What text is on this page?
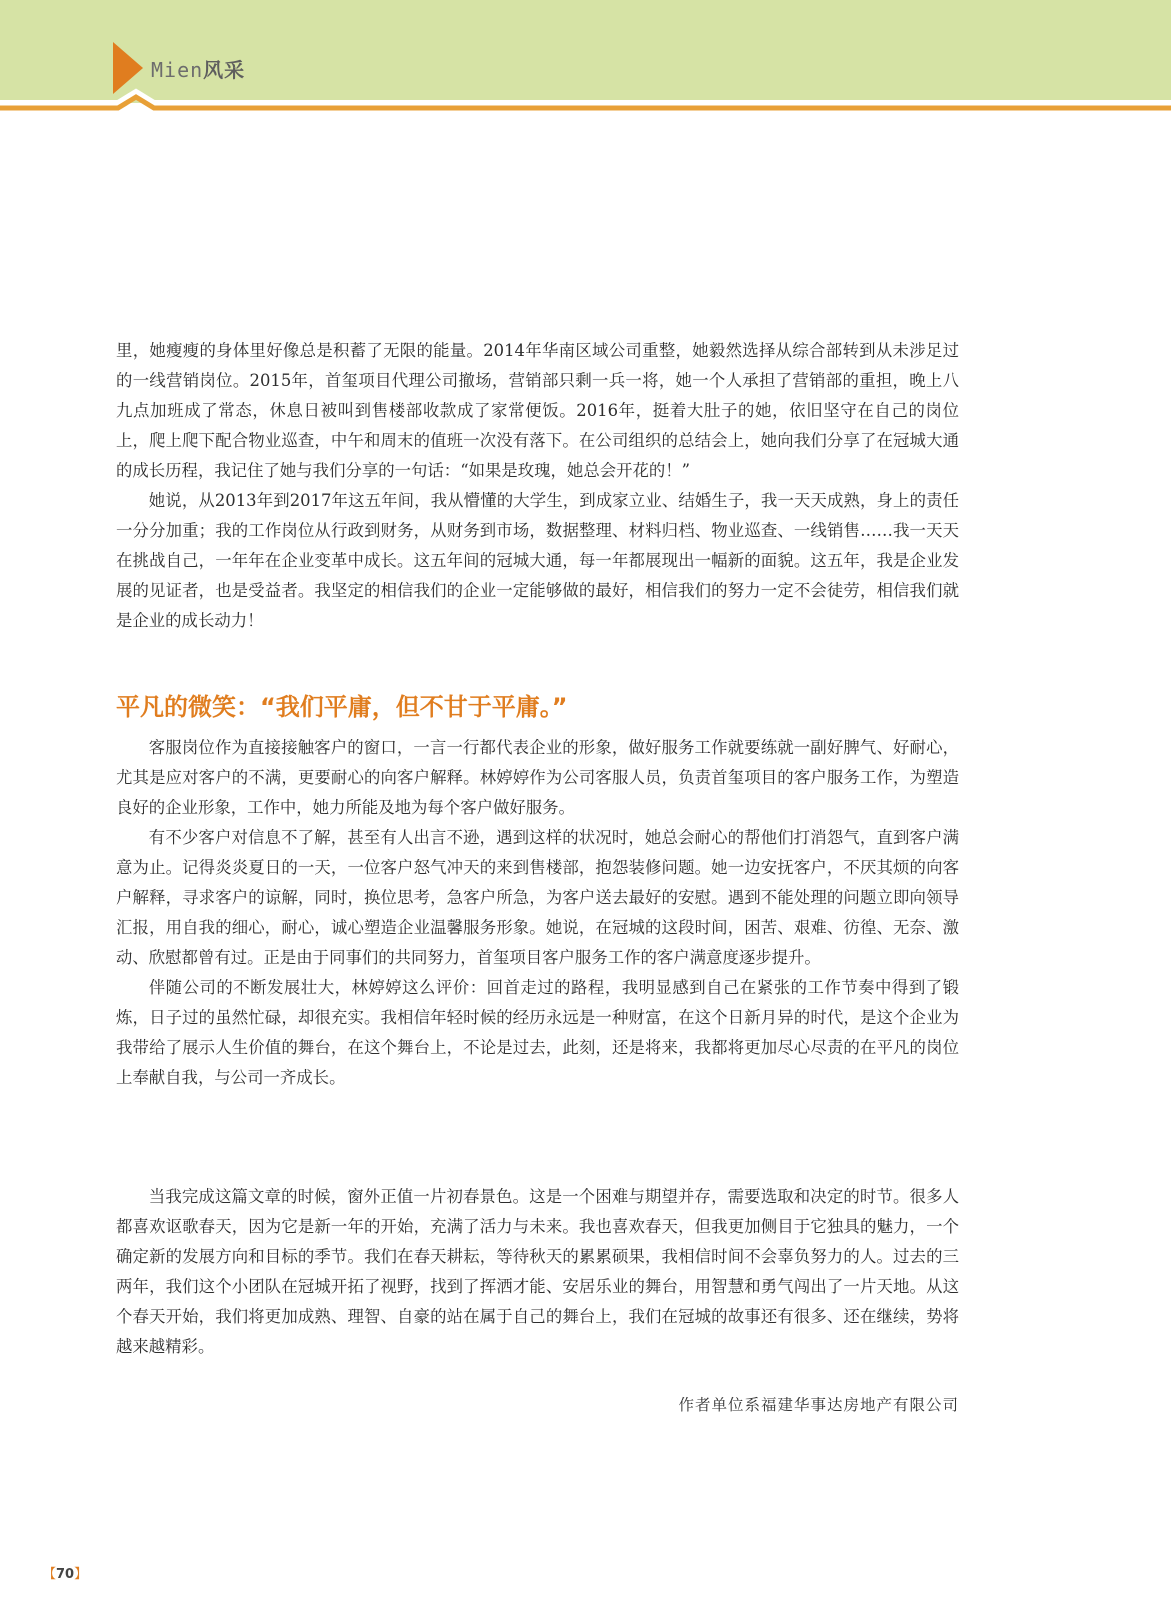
Mien风采

里，她瘦瘦的身体里好像总是积蓄了无限的能量。2014年华南区域公司重整，她毅然选择从综合部转到从未涉足过的一线营销岗位。2015年，首玺项目代理公司撤场，营销部只剩一兵一将，她一个人承担了营销部的重担，晚上八九点加班成了常态，休息日被叫到售楼部收款成了家常便饭。2016年，挺着大肚子的她，依旧坚守在自己的岗位上，爬上爬下配合物业巡查，中午和周末的值班一次没有落下。在公司组织的总结会上，她向我们分享了在冠城大通的成长历程，我记住了她与我们分享的一句话：“如果是玫瑰，她总会开花的！”

她说，从2013年到2017年这五年间，我从懵懂的大学生，到成家立业、结婚生子，我一天天成熟，身上的责任一分分加重；我的工作岗位从行政到财务，从财务到市场，数据整理、材料归档、物业巡查、一线销售……我一天天在挑战自己，一年年在企业变革中成长。这五年间的冠城大通，每一年都展现出一幅新的面貌。这五年，我是企业发展的见证者，也是受益者。我坚定的相信我们的企业一定能够做的最好，相信我们的努力一定不会徒劳，相信我们就是企业的成长动力！

平凡的微笑：“我们平庸，但不甘于平庸。”

客服岗位作为直接接触客户的窗口，一言一行都代表企业的形象，做好服务工作就要练就一副好脾气、好耐心，尤其是应对客户的不满，更要耐心的向客户解释。林婷婷作为公司客服人员，负责首玺项目的客户服务工作，为塑造良好的企业形象，工作中，她力所能及地为每个客户做好服务。

有不少客户对信息不了解，甚至有人出言不逊，遇到这样的状况时，她总会耐心的帮他们打消怨气，直到客户满意为止。记得炎炎夏日的一天，一位客户怒气冲天的来到售楼部，抱怨装修问题。她一边安抚客户，不厌其烦的向客户解释，寻求客户的谅解，同时，换位思考，急客户所急，为客户送去最好的安慰。遇到不能处理的问题立即向领导汇报，用自我的细心，耐心，诚心塑造企业温馨服务形象。她说，在冠城的这段时间，困苦、艰难、彷徨、无奈、激动、欣慰都曾有过。正是由于同事们的共同努力，首玺项目客户服务工作的客户满意度逐步提升。

伴随公司的不断发展壮大，林婷婷这么评价：回首走过的路程，我明显感到自己在紧张的工作节奏中得到了锻炼，日子过的虽然忙碌，却很充实。我相信年轻时候的经历永远是一种财富，在这个日新月异的时代，是这个企业为我带给了展示人生价值的舞台，在这个舞台上，不论是过去，此刻，还是将来，我都将更加尽心尽责的在平凡的岗位上奉献自我，与公司一齐成长。

当我完成这篇文章的时候，窗外正值一片初春景色。这是一个困难与期望并存，需要选取和决定的时节。很多人都喜欢讴歌春天，因为它是新一年的开始，充满了活力与未来。我也喜欢春天，但我更加侧目于它独具的魅力，一个确定新的发展方向和目标的季节。我们在春天耕耘，等待秋天的累累硕果，我相信时间不会辜负努力的人。过去的三两年，我们这个小团队在冠城开拓了视野，找到了挥洒才能、安居乐业的舞台，用智慧和勇气闯出了一片天地。从这个春天开始，我们将更加成熟、理智、自豪的站在属于自己的舞台上，我们在冠城的故事还有很多、还在继续，势将越来越精彩。

作者单位系福建华事达房地产有限公司
【70】
